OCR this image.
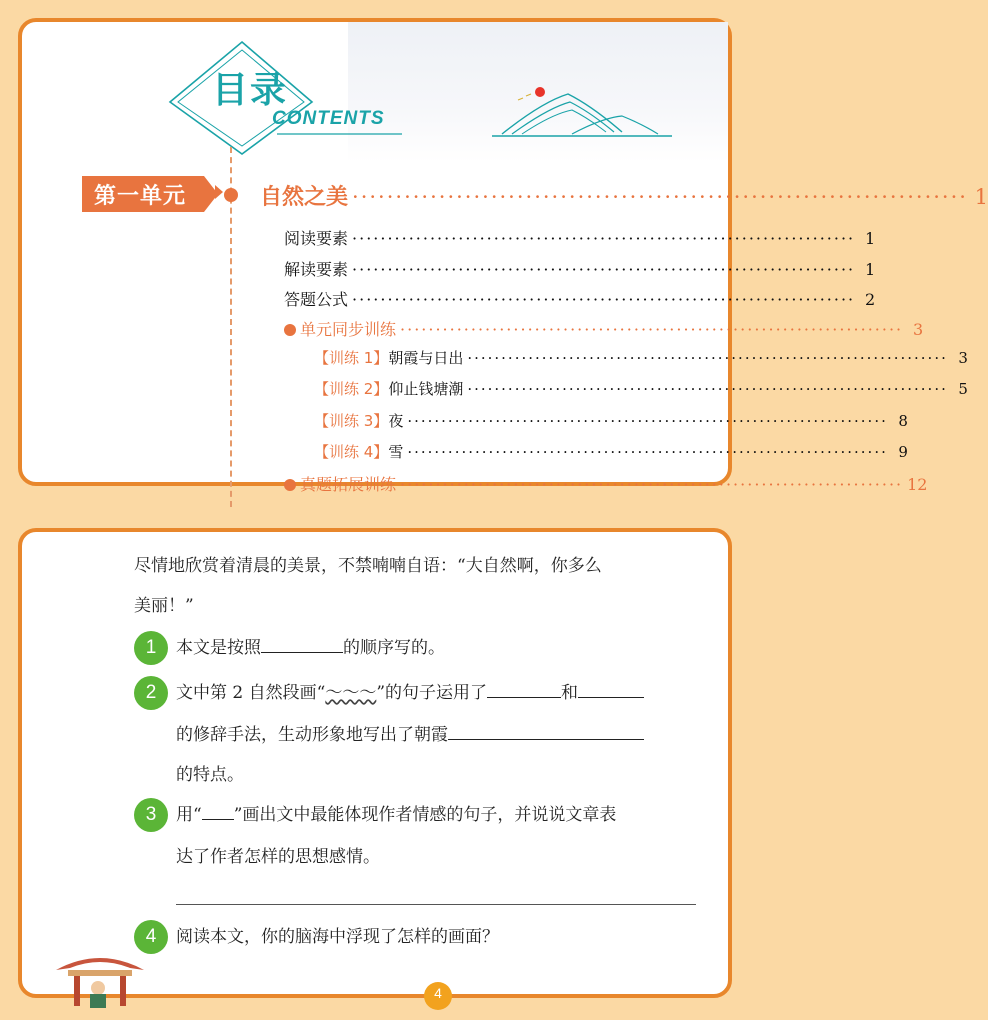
目录
CONTENTS
第一单元	自然之美 ······································································· 1
阅读要素 ······································································· 1
解读要素 ······································································· 1
答题公式 ······································································· 2
单元同步训练 ······································································· 3
【训练 1】朝霞与日出 ······································································· 3
【训练 2】仰止钱塘潮 ······································································· 5
【训练 3】夜 ······································································· 8
【训练 4】雪 ······································································· 9
真题拓展训练 ······································································· 12
尽情地欣赏着清晨的美景，不禁喃喃自语：“大自然啊，你多么
美丽！”
1	本文是按照	的顺序写的。
2	文中第 2 自然段画“～～～”的句子运用了	和
的修辞手法，生动形象地写出了朝霞
的特点。
3	用“ ”画出文中最能体现作者情感的句子，并说说文章表
达了作者怎样的思想感情。
4	阅读本文，你的脑海中浮现了怎样的画面？
4
